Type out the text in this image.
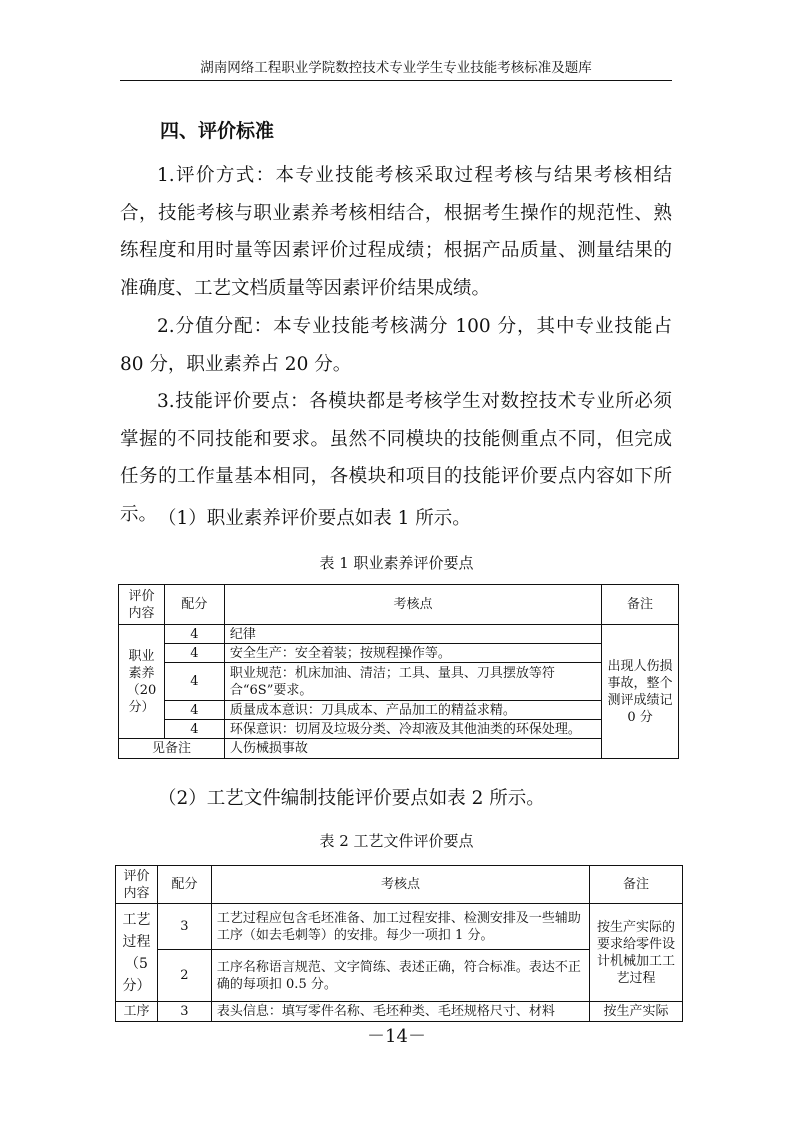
湖南网络工程职业学院数控技术专业学生专业技能考核标准及题库
四、评价标准

1.评价方式：本专业技能考核采取过程考核与结果考核相结合，技能考核与职业素养考核相结合，根据考生操作的规范性、熟练程度和用时量等因素评价过程成绩；根据产品质量、测量结果的准确度、工艺文档质量等因素评价结果成绩。

2.分值分配：本专业技能考核满分 100 分，其中专业技能占 80 分，职业素养占 20 分。

3.技能评价要点：各模块都是考核学生对数控技术专业所必须掌握的不同技能和要求。虽然不同模块的技能侧重点不同，但完成任务的工作量基本相同，各模块和项目的技能评价要点内容如下所示。 （1）职业素养评价要点如表 1 所示。
表 1 职业素养评价要点
评价内容	配分	考核点	备注
职业素养（20分）	4	纪律	出现人伤损事故，整个测评成绩记 0 分
	4	安全生产：安全着装；按规程操作等。	
	4	职业规范：机床加油、清洁；工具、量具、刀具摆放等符合“6S”要求。	
	4	质量成本意识：刀具成本、产品加工的精益求精。	
	4	环保意识：切屑及垃圾分类、冷却液及其他油类的环保处理。	
见备注		人伤械损事故	
（2）工艺文件编制技能评价要点如表 2 所示。
表 2 工艺文件评价要点
评价内容	配分	考核点	备注
工艺过程（5分）	3	工艺过程应包含毛坯准备、加工过程安排、检测安排及一些辅助工序（如去毛刺等）的安排。每少一项扣 1 分。	按生产实际的要求给零件设计机械加工工艺过程
	2	工序名称语言规范、文字简练、表述正确，符合标准。表达不正确的每项扣 0.5 分。	
工序	3	表头信息：填写零件名称、毛坯种类、毛坯规格尺寸、材料	按生产实际
－14－
